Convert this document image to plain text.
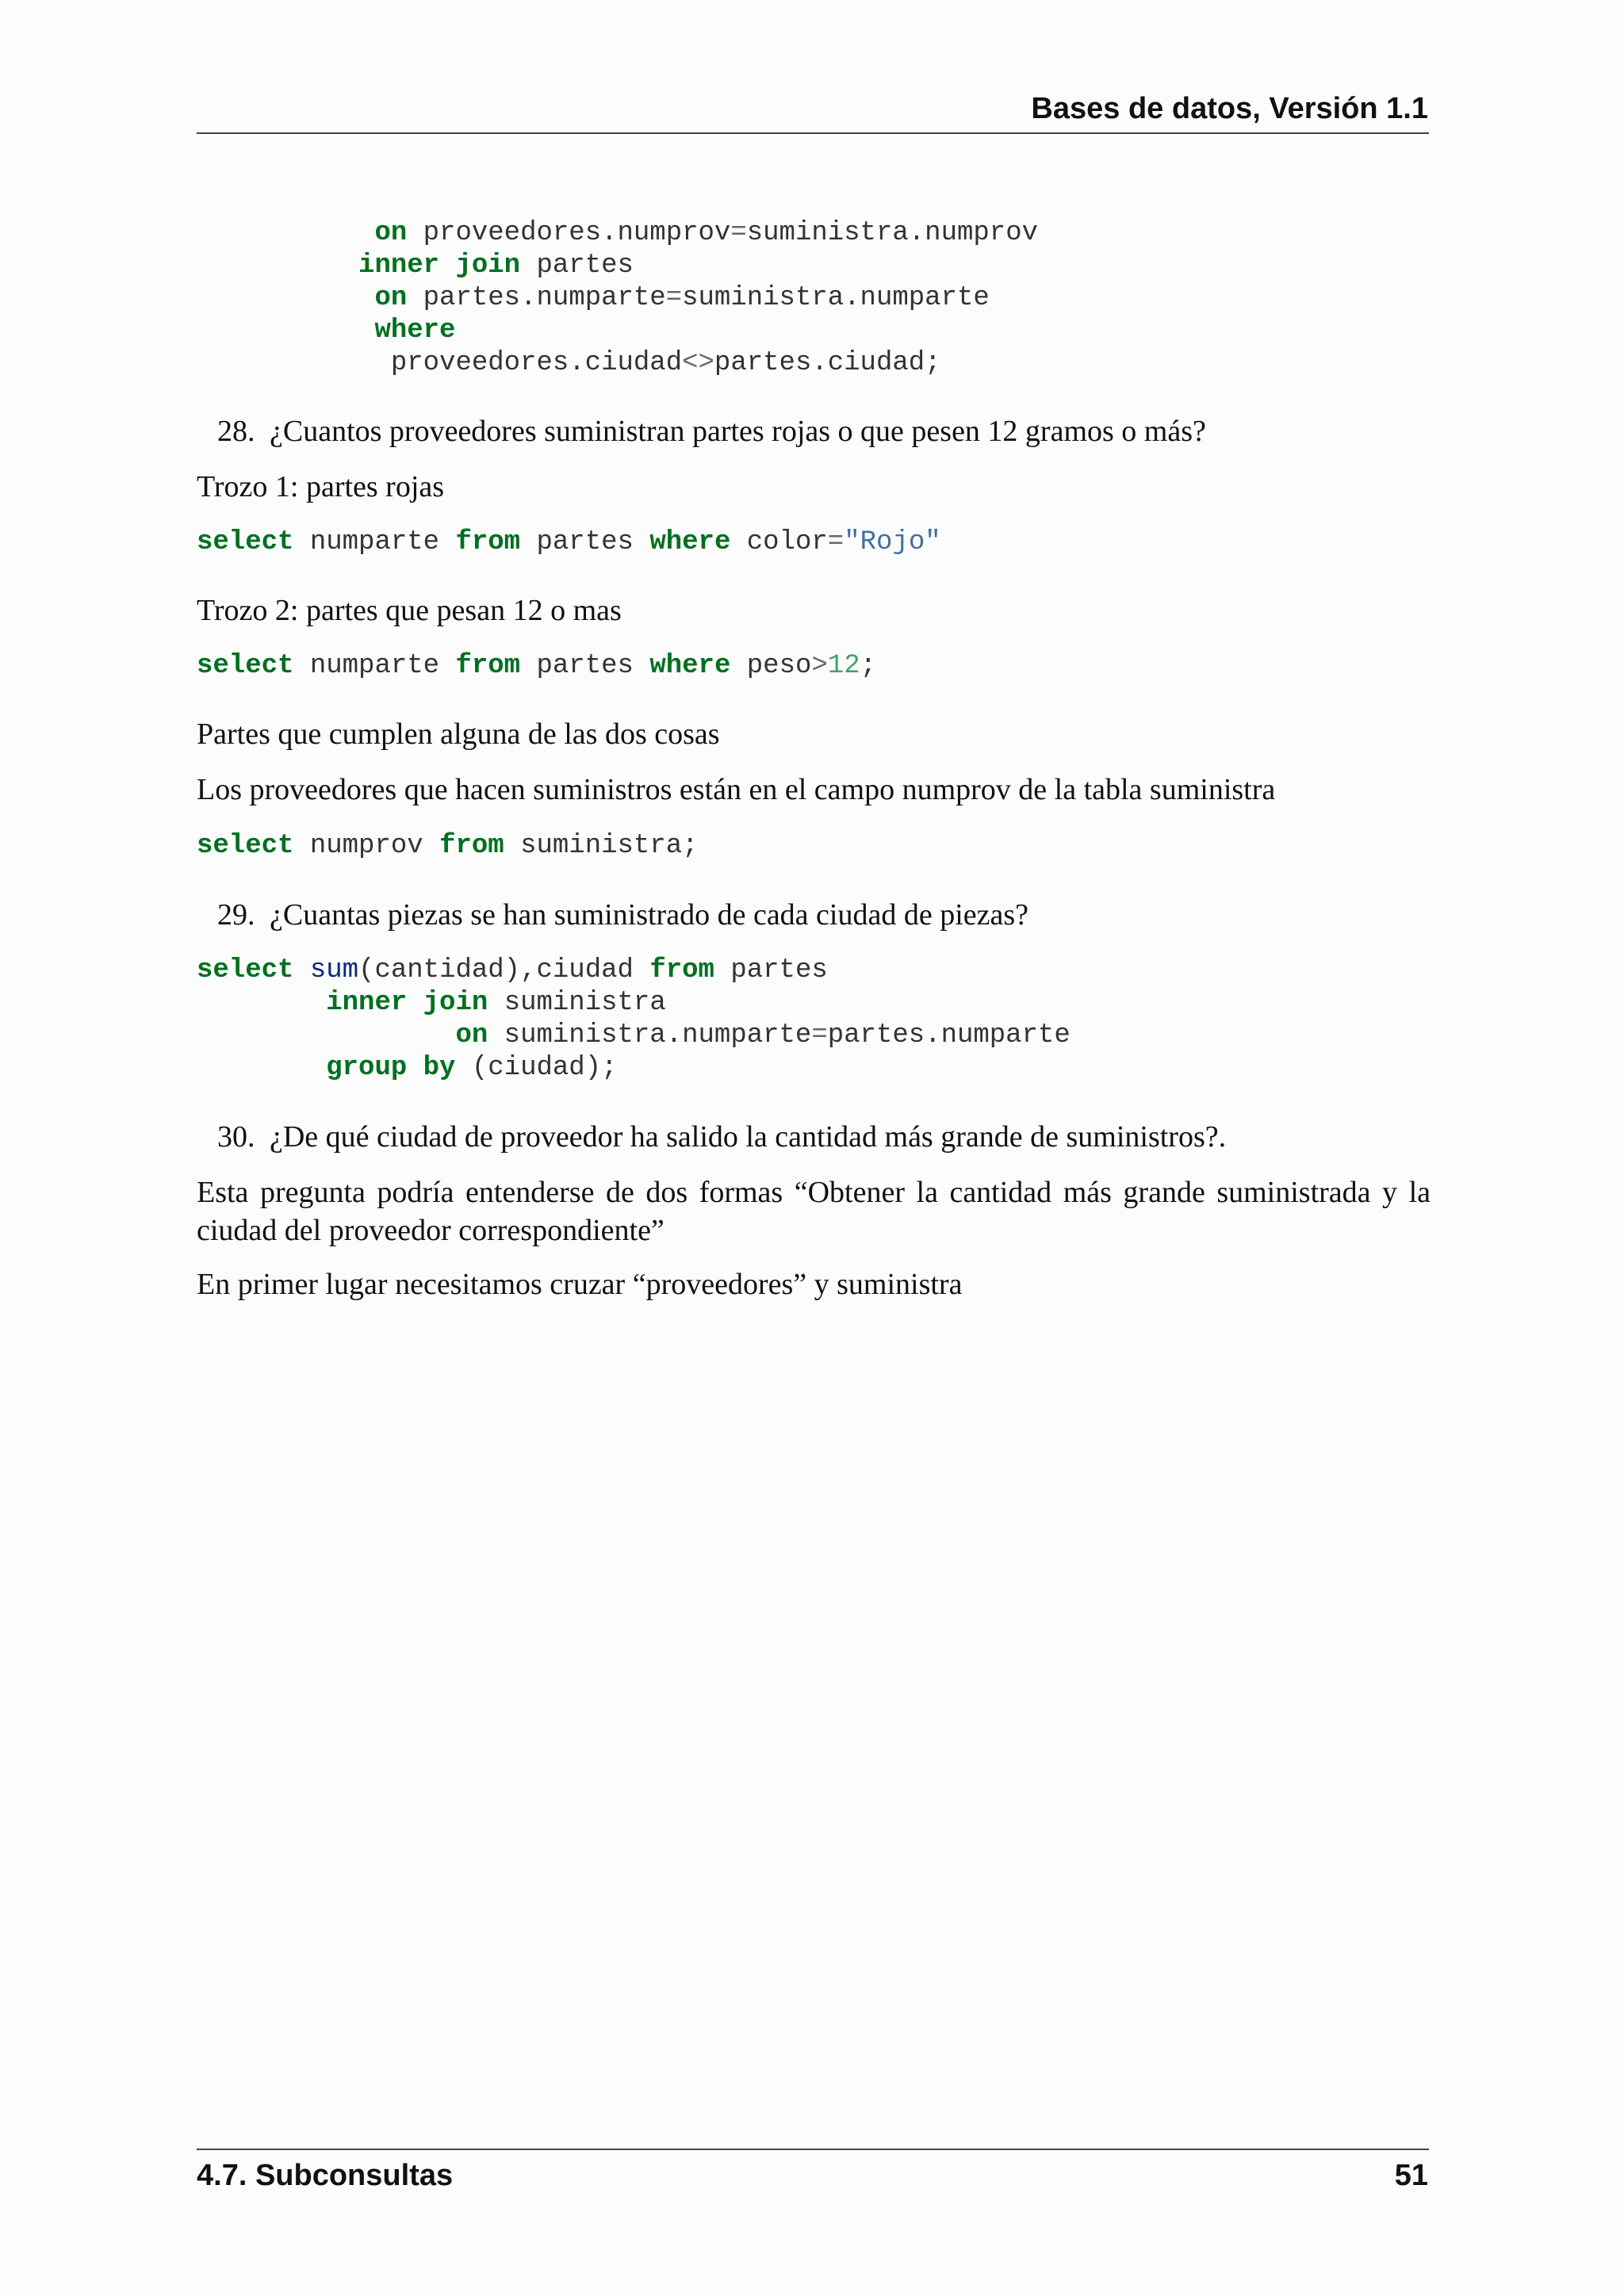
Bases de datos, Versión 1.1
on proveedores.numprov=suministra.numprov
inner join partes
on partes.numparte=suministra.numparte
where
proveedores.ciudad<>partes.ciudad;
28. ¿Cuantos proveedores suministran partes rojas o que pesen 12 gramos o más?

Trozo 1: partes rojas

select numparte from partes where color="Rojo"

Trozo 2: partes que pesan 12 o mas

select numparte from partes where peso>12;

Partes que cumplen alguna de las dos cosas

Los proveedores que hacen suministros están en el campo numprov de la tabla suministra

select numprov from suministra;
29. ¿Cuantas piezas se han suministrado de cada ciudad de piezas?
select sum(cantidad),ciudad from partes
inner join suministra
on suministra.numparte=partes.numparte
group by (ciudad);
30. ¿De qué ciudad de proveedor ha salido la cantidad más grande de suministros?.

Esta pregunta podría entenderse de dos formas “Obtener la cantidad más grande suministrada y la ciudad del proveedor correspondiente”

En primer lugar necesitamos cruzar “proveedores” y suministra

4.7. Subconsultas	51
